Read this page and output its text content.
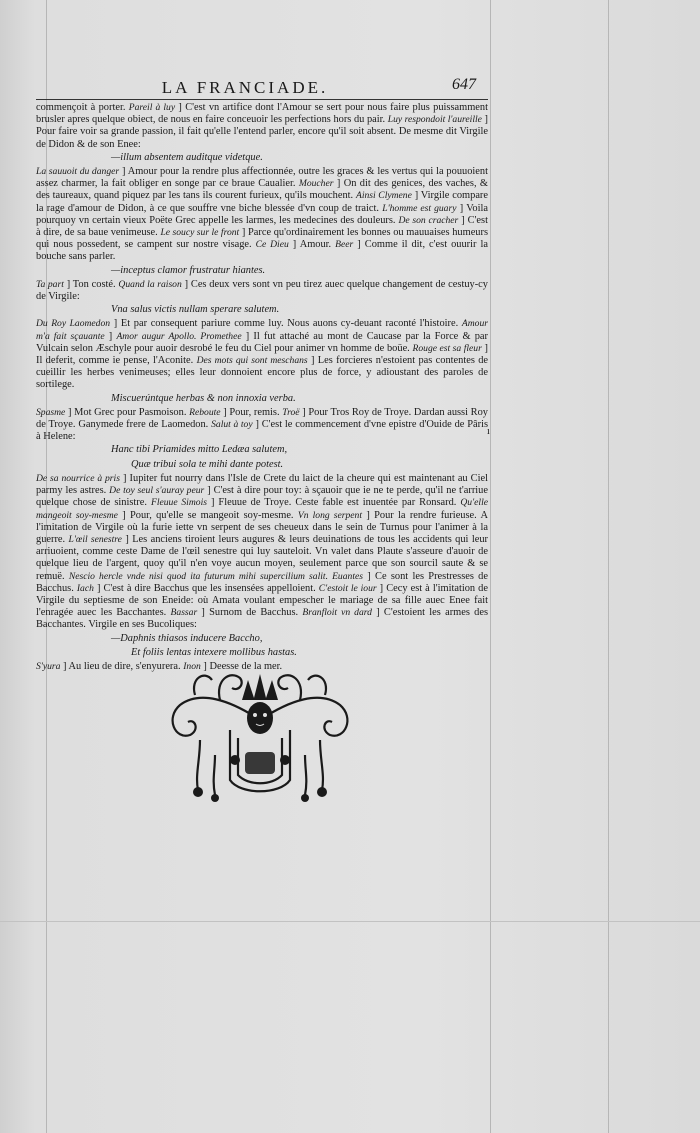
LA FRANCIADE.	647

commençoit à porter. Pareil à luy ] C'est vn artifice dont l'Amour se sert pour nous faire plus puissamment brusler apres quelque obiect, de nous en faire conceuoir les perfections hors du pair. Luy respondoit l'aureille ] Pour faire voir sa grande passion, il fait qu'elle l'entend parler, encore qu'il soit absent. De mesme dit Virgile de Didon & de son Enee:

—illum absentem auditque videtque.

La sauuoit du danger ] Amour pour la rendre plus affectionnée, outre les graces & les vertus qui la pouuoient assez charmer, la fait obliger en songe par ce braue Caualier. Moucher ] On dit des genices, des vaches, & des taureaux, quand piquez par les tans ils courent furieux, qu'ils mouchent. Ainsi Clymene ] Virgile compare la rage d'amour de Didon, à ce que souffre vne biche blessée d'vn coup de traict. L'homme est guary ] Voila pourquoy vn certain vieux Poëte Grec appelle les larmes, les medecines des douleurs. De son cracher ] C'est à dire, de sa baue venimeuse. Le soucy sur le front ] Parce qu'ordinairement les bonnes ou mauuaises humeurs qui nous possedent, se campent sur nostre visage. Ce Dieu ] Amour. Beer ] Comme il dit, c'est ouurir la bouche sans parler.

—inceptus clamor frustratur hiantes.

Ta part ] Ton costé. Quand la raison ] Ces deux vers sont vn peu tirez auec quelque changement de cestuy-cy de Virgile:

Vna salus victis nullam sperare salutem.

Du Roy Laomedon ] Et par consequent pariure comme luy. Nous auons cy-deuant raconté l'histoire. Amour m'a fait sçauante ] Amor augur Apollo. Promethee ] Il fut attaché au mont de Caucase par la Force & par Vulcain selon Æschyle pour auoir desrobé le feu du Ciel pour animer vn homme de boüe. Rouge est sa fleur ] Il deferit, comme ie pense, l'Aconite. Des mots qui sont meschans ] Les forcieres n'estoient pas contentes de cueillir les herbes venimeuses; elles leur donnoient encore plus de force, y adioustant des paroles de sortilege.

Miscuerúntque herbas & non innoxia verba.

Spasme ] Mot Grec pour Pasmoison. Reboute ] Pour, remis. Troë ] Pour Tros Roy de Troye. Dardan aussi Roy de Troye. Ganymede frere de Laomedon. Salut à toy ] C'est le commencement d'vne epistre d'Ouide de Pâris à Helene:

Hanc tibi Priamides mitto Ledæa salutem,

Quæ tribui sola te mihi dante potest.

De sa nourrice à pris ] Iupiter fut nourry dans l'Isle de Crete du laict de la cheure qui est maintenant au Ciel parmy les astres. De toy seul s'auray peur ] C'est à dire pour toy: à sçauoir que ie ne te perde, qu'il ne t'arriue quelque chose de sinistre. Fleuue Simois ] Fleuue de Troye. Ceste fable est inuentée par Ronsard. Qu'elle mangeoit soy-mesme ] Pour, qu'elle se mangeoit soy-mesme. Vn long serpent ] Pour la rendre furieuse. A l'imitation de Virgile où la furie iette vn serpent de ses cheueux dans le sein de Turnus pour l'animer à la guerre. L'œil senestre ] Les anciens tiroient leurs augures & leurs deuinations de tous les accidents qui leur arriuoient, comme ceste Dame de l'œil senestre qui luy sauteloit. Vn valet dans Plaute s'asseure d'auoir de quelque lieu de l'argent, quoy qu'il n'en voye aucun moyen, seulement parce que son sourcil saute & se remuë. Nescio hercle vnde nisi quod ita futurum mihi supercilium salit. Euantes ] Ce sont les Prestresses de Bacchus. Iach ] C'est à dire Bacchus que les insensées appelloient. C'estoit le iour ] Cecy est à l'imitation de Virgile du septiesme de son Eneide: où Amata voulant empescher le mariage de sa fille auec Enee fait l'enragée auec les Bacchantes. Bassar ] Surnom de Bacchus. Branfloit vn dard ] C'estoient les armes des Bacchantes. Virgile en ses Bucoliques:

—Daphnis thiasos inducere Baccho,

Et foliis lentas intexere mollibus hastas.

S'yura ] Au lieu de dire, s'enyurera. Inon ] Deesse de la mer.

ı
